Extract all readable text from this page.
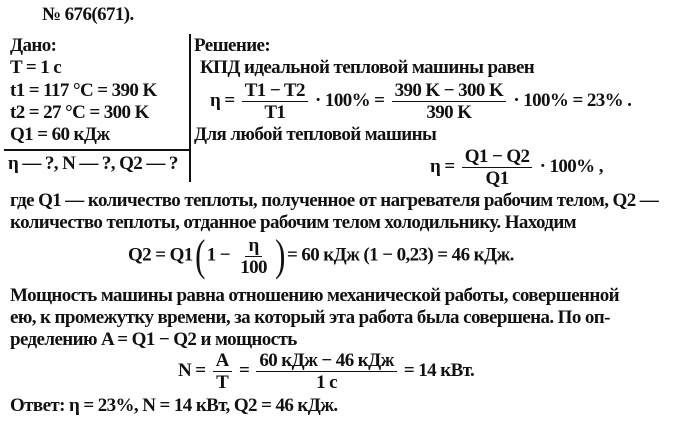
№ 676(671).
Дано:
T = 1 с
t1 = 117 °C = 390 K
t2 = 27 °C = 300 K
Q1 = 60 кДж
η — ?, N — ?, Q2 — ?
Решение:
КПД идеальной тепловой машины равен
$\eta = \frac{T1 - T2}{T1} \cdot 100\% = \frac{390 K - 300 K}{390 K} \cdot 100\% = 23\%$ .
Для любой тепловой машины
$\eta = \frac{Q1 - Q2}{Q1} \cdot 100\%$ ,
где Q1 — количество теплоты, полученное от нагревателя рабочим телом, Q2 —
количество теплоты, отданное рабочим телом холодильнику. Находим
Q2 = Q1( $1 - \frac{\eta}{100}$ ) = 60 кДж (1 − 0,23) = 46 кДж.
Мощность машины равна отношению механической работы, совершенной
ею, к промежутку времени, за который эта работа была совершена. По оп-
ределению A = Q1 − Q2 и мощность
$N = \frac{A}{T} = \frac{\text{60 кДж − 46 кДж}}{1 с} = 14$ кВт.
Ответ: η = 23%, N = 14 кВт, Q2 = 46 кДж.
